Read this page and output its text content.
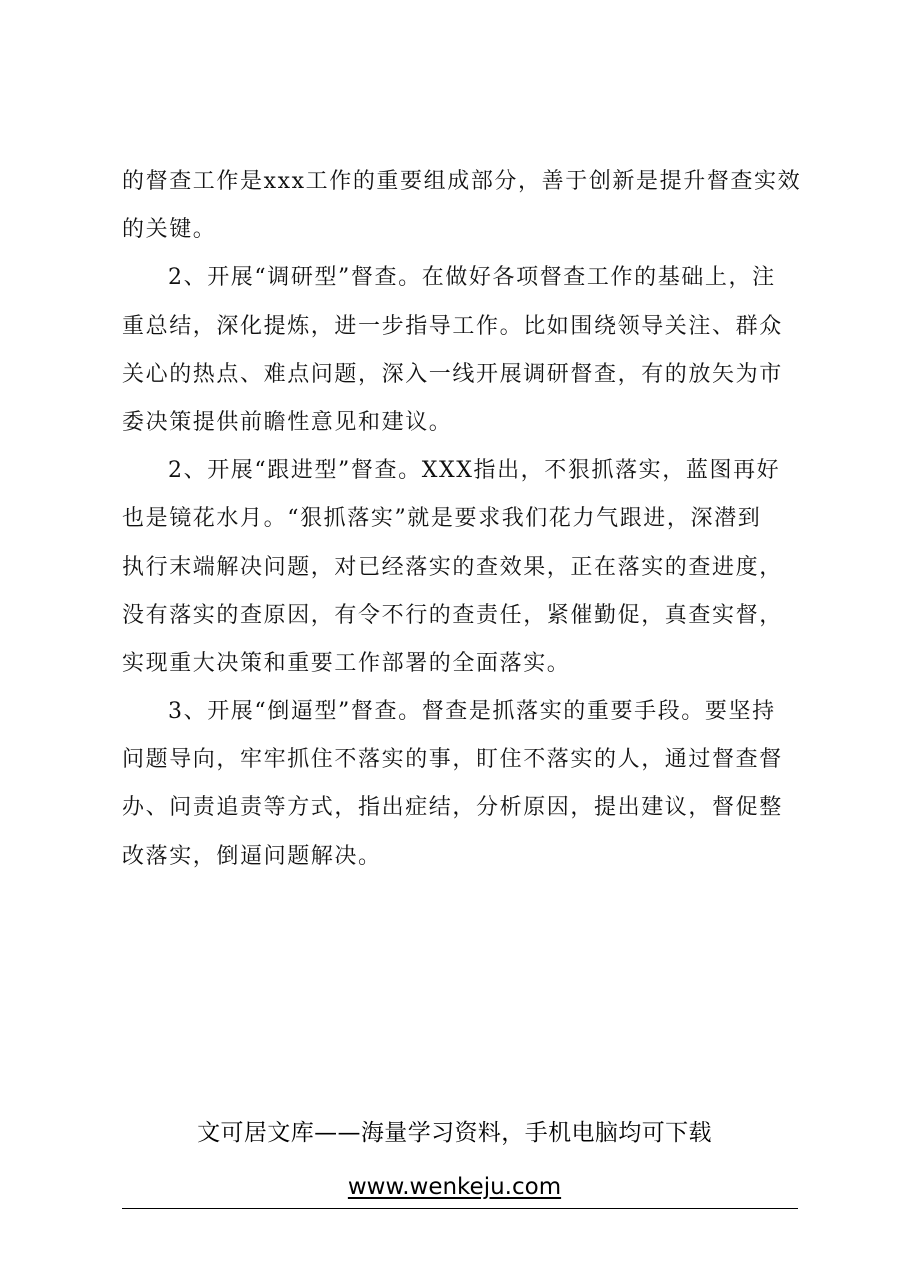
的督查工作是xxx工作的重要组成部分，善于创新是提升督查实效
的关键。
2、开展“调研型”督查。在做好各项督查工作的基础上，注
重总结，深化提炼，进一步指导工作。比如围绕领导关注、群众
关心的热点、难点问题，深入一线开展调研督查，有的放矢为市
委决策提供前瞻性意见和建议。
2、开展“跟进型”督查。XXX指出，不狠抓落实，蓝图再好
也是镜花水月。“狠抓落实”就是要求我们花力气跟进，深潜到
执行末端解决问题，对已经落实的查效果，正在落实的查进度，
没有落实的查原因，有令不行的查责任，紧催勤促，真查实督，
实现重大决策和重要工作部署的全面落实。
3、开展“倒逼型”督查。督查是抓落实的重要手段。要坚持
问题导向，牢牢抓住不落实的事，盯住不落实的人，通过督查督
办、问责追责等方式，指出症结，分析原因，提出建议，督促整
改落实，倒逼问题解决。
文可居文库——海量学习资料，手机电脑均可下载
www.wenkeju.com
